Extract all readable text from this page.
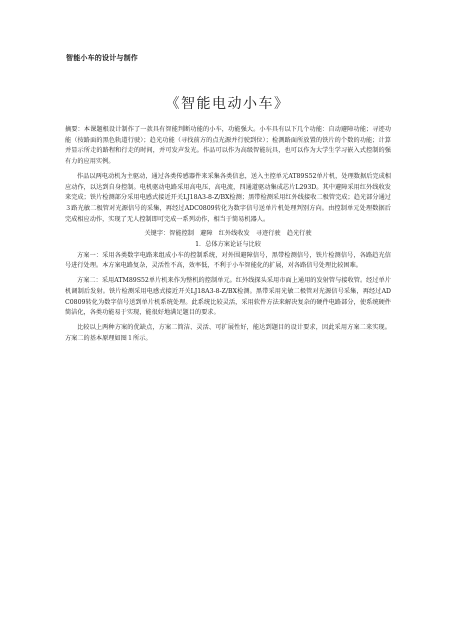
智能小车的设计与制作
《智能电动小车》

摘要：本课题根设计制作了一款具有智能判断功能的小车，功能强大。小车具有以下几个功能：自动避障功能；寻迹功能（按路面的黑色轨道行驶）；趋光功能（寻找前方的点光源并行驶到位）；检测路面所放置的铁片的个数的功能；计算并显示所走的路程和行走的时间，并可发声发光。作品可以作为高级智能玩具，也可以作为大学生学习嵌入式控制的强有力的应用实例。

作品以两电动机为主驱动，通过各类传感器件来采集各类信息，送入主控单元AT89S52单片机，处理数据后完成相应动作，以达到自身控制。电机驱动电路采用高电压，高电流，四通道驱动集成芯片L293D。其中避障采用红外线收发来完成；铁片检测部分采用电感式接近开关LJ18A3-8-Z/BX检测；黑带检测采用红外线接收二极管完成；趋光部分通过３路光敏二极管对光源信号的采集，再经过ADC0809转化为数字信号送单片机处理判别方向。由控制单元处理数据后完成相应动作，实现了无人控制即可完成一系列动作，相当于简易机器人。

关键字：智能控制　避障　红外线收发　寻迹行驶　趋光行驶

1．总体方案论证与比较

方案一：采用各类数字电路来组成小车的控制系统，对外围避障信号，黑带检测信号，铁片检测信号，各路趋光信号进行处理。本方案电路复杂，灵活性不高，效率低，不利于小车智能化的扩展，对各路信号处理比较困难。

方案二：采用ATM89S52单片机来作为整机的控制单元。红外线探头采用市面上通用的发射管与接收管。经过单片机调制后发射。铁片检测采用电感式接近开关LJ18A3-8-Z/BX检测。黑带采用光敏二极管对光源信号采集，再经过ADC0809转化为数字信号送到单片机系统处理。此系统比较灵活，采用软件方法来解决复杂的硬件电路部分，使系统硬件简洁化，各类功能易于实现，能很好地满足题目的要求。

比较以上两种方案的优缺点，方案二简洁、灵活、可扩展性好，能达到题目的设计要求，因此采用方案二来实现。方案二的基本原理如图１所示。
